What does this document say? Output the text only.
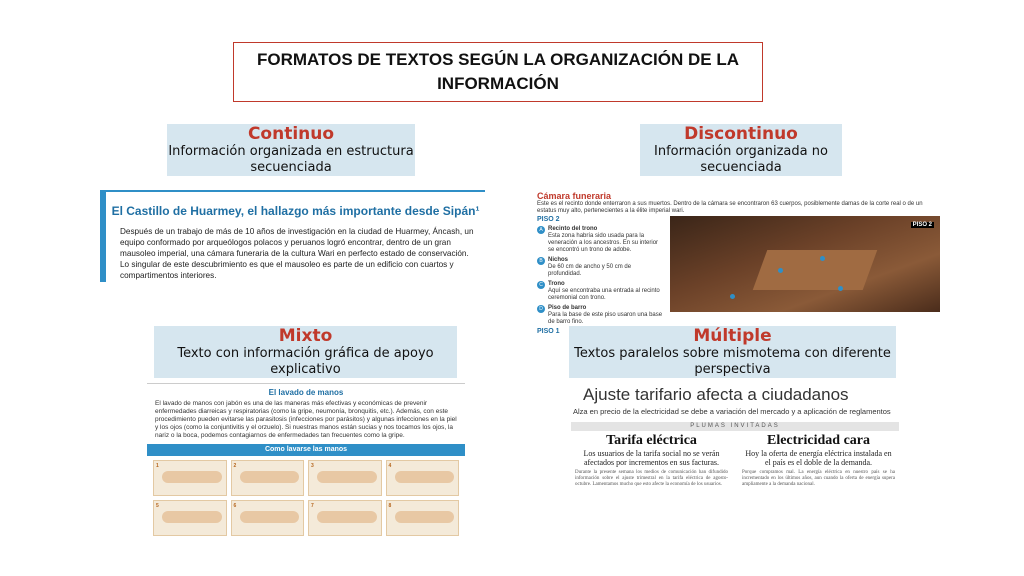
FORMATOS DE TEXTOS SEGÚN LA ORGANIZACIÓN DE LA INFORMACIÓN
Continuo
Información organizada en estructura secuenciada
El Castillo de Huarmey, el hallazgo más importante desde Sipán¹
Después de un trabajo de más de 10 años de investigación en la ciudad de Huarmey, Áncash, un equipo conformado por arqueólogos polacos y peruanos logró encontrar, dentro de un gran mausoleo imperial, una cámara funeraria de la cultura Wari en perfecto estado de conservación. Lo singular de este descubrimiento es que el mausoleo es parte de un edificio con cuartos y compartimentos interiores.
Discontinuo
Información organizada no secuenciada
Cámara funeraria
Este es el recinto donde enterraron a sus muertos. Dentro de la cámara se encontraron 63 cuerpos, posiblemente damas de la corte real o de un estatus muy alto, pertenecientes a la élite imperial wari.
PISO 2
A Recinto del trono
Esta zona habría sido usada para la veneración a los ancestros. En su interior se encontró un trono de adobe.
B Nichos
De 60 cm de ancho y 50 cm de profundidad.
C Trono
Aquí se encontraba una entrada al recinto ceremonial con trono.
D Piso de barro
Para la base de este piso usaron una base de barro fino.
PISO 1
PISO 2
Mixto
Texto con información gráfica de apoyo explicativo
El lavado de manos
El lavado de manos con jabón es una de las maneras más efectivas y económicas de prevenir enfermedades diarreicas y respiratorias (como la gripe, neumonía, bronquitis, etc.). Además, con este procedimiento pueden evitarse las parasitosis (infecciones por parásitos) y algunas infecciones en la piel y los ojos (como la conjuntivitis y el orzuelo). Si nuestras manos están sucias y nos tocamos los ojos, la nariz o la boca, podemos contagiarnos de enfermedades tan frecuentes como la gripe.
Como lavarse las manos
1	2	3	4
5	6	7	8
Múltiple
Textos paralelos sobre mismotema con diferente perspectiva
Ajuste tarifario afecta a ciudadanos
Alza en precio de la electricidad se debe a variación del mercado y a aplicación de reglamentos
PLUMAS INVITADAS
Tarifa eléctrica
Los usuarios de la tarifa social no se verán afectados por incrementos en sus facturas.
Durante la presente semana los medios de comunicación han difundido información sobre el ajuste trimestral en la tarifa eléctrica de agosto-octubre. Lamentamos mucho que esto afecte la economía de los usuarios.
Electricidad cara
Hoy la oferta de energía eléctrica instalada en el país es el doble de la demanda.
Porque compramos mal. La energía eléctrica en nuestro país se ha incrementado en los últimos años, aun cuando la oferta de energía supera ampliamente a la demanda nacional.
